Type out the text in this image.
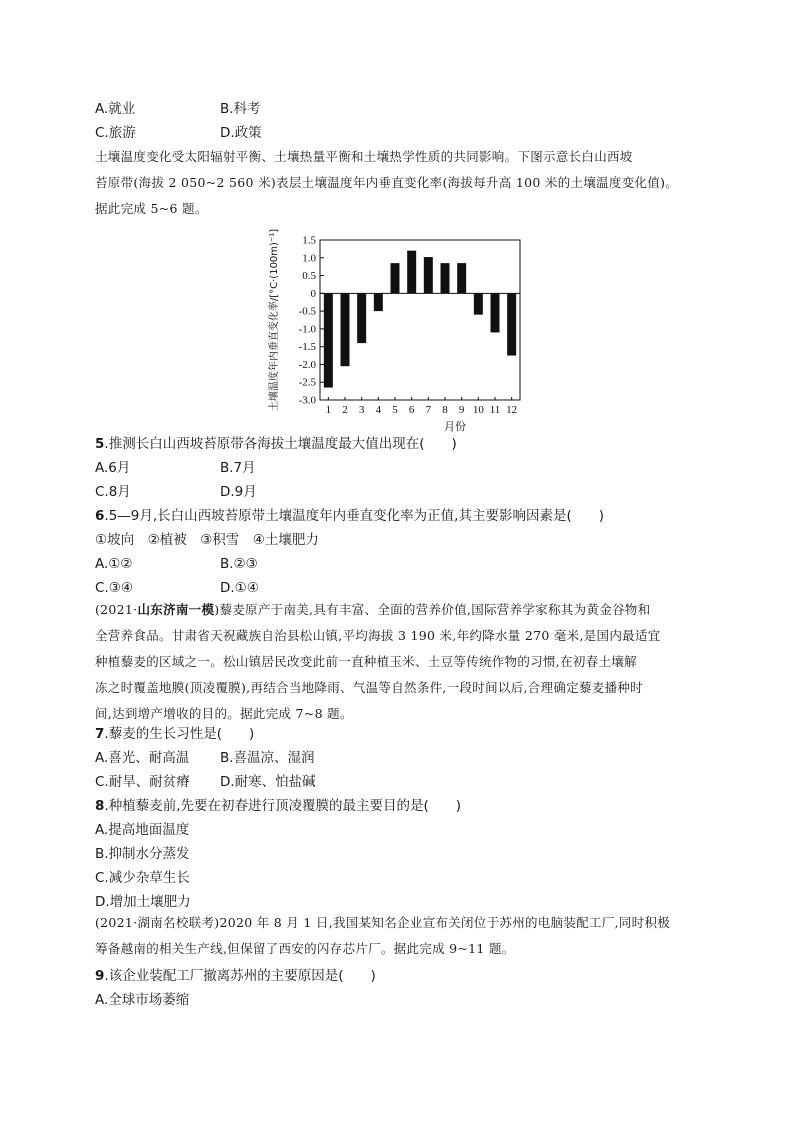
A.就业	B.科考
C.旅游	D.政策
土壤温度变化受太阳辐射平衡、土壤热量平衡和土壤热学性质的共同影响。下图示意长白山西坡
苔原带(海拔 2 050~2 560 米)表层土壤温度年内垂直变化率(海拔每升高 100 米的土壤温度变化值)。
据此完成 5~6 题。
1.5
1.0
0.5
0
-0.5
-1.0
-1.5
-2.0
-2.5
-3.0
1 2 3 4 5 6 7 8 9 10 11 12
月份
土壤温度年内垂直变化率/[°C·(100m)⁻¹]
5.推测长白山西坡苔原带各海拔土壤温度最大值出现在(　　)
A.6月	B.7月
C.8月	D.9月
6.5—9月,长白山西坡苔原带土壤温度年内垂直变化率为正值,其主要影响因素是(　　)
①坡向　②植被　③积雪　④土壤肥力
A.①②	B.②③
C.③④	D.①④
(2021·山东济南一模)藜麦原产于南美,具有丰富、全面的营养价值,国际营养学家称其为黄金谷物和
全营养食品。甘肃省天祝藏族自治县松山镇,平均海拔 3 190 米,年约降水量 270 毫米,是国内最适宜
种植藜麦的区域之一。松山镇居民改变此前一直种植玉米、土豆等传统作物的习惯,在初春土壤解
冻之时覆盖地膜(顶凌覆膜),再结合当地降雨、气温等自然条件,一段时间以后,合理确定藜麦播种时
间,达到增产增收的目的。据此完成 7~8 题。
7.藜麦的生长习性是(　　)
A.喜光、耐高温 B.喜温凉、湿润
C.耐旱、耐贫瘠 D.耐寒、怕盐碱
8.种植藜麦前,先要在初春进行顶凌覆膜的最主要目的是(　　)
A.提高地面温度
B.抑制水分蒸发
C.减少杂草生长
D.增加土壤肥力
(2021·湖南名校联考)2020 年 8 月 1 日,我国某知名企业宣布关闭位于苏州的电脑装配工厂,同时积极
筹备越南的相关生产线,但保留了西安的闪存芯片厂。据此完成 9~11 题。
9.该企业装配工厂撤离苏州的主要原因是(　　)
A.全球市场萎缩
